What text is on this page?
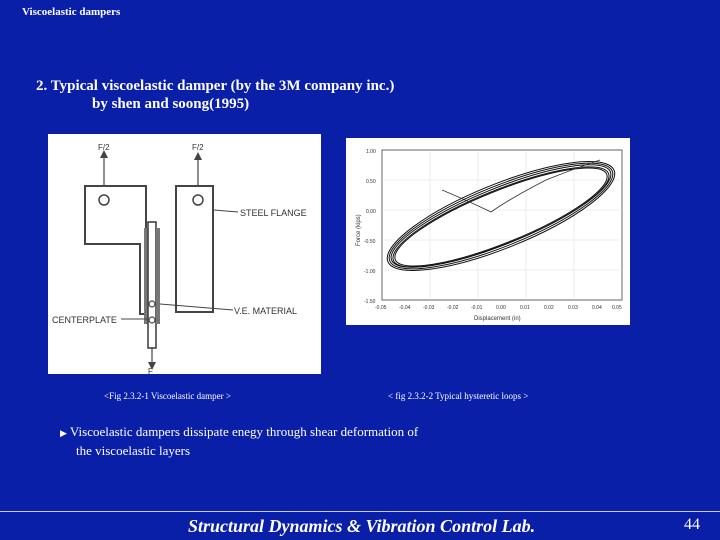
Viscoelastic dampers
2. Typical viscoelastic damper (by the 3M company inc.)
by shen and soong(1995)
F/2	F/2
F
STEEL FLANGE
V.E. MATERIAL
CENTERPLATE
Force (kips)
Displacement (in)
1.00
0.50
0.00
-0.50
-1.00
-1.50
-0.05	-0.04	-0.03	-0.02	-0.01	0.00	0.01	0.02	0.03	0.04 0.05
<Fig 2.3.2-1 Viscoelastic damper >	< fig 2.3.2-2 Typical hysteretic loops >
▶ Viscoelastic dampers dissipate enegy through shear deformation of
the viscoelastic layers
Structural Dynamics & Vibration Control Lab.	44
